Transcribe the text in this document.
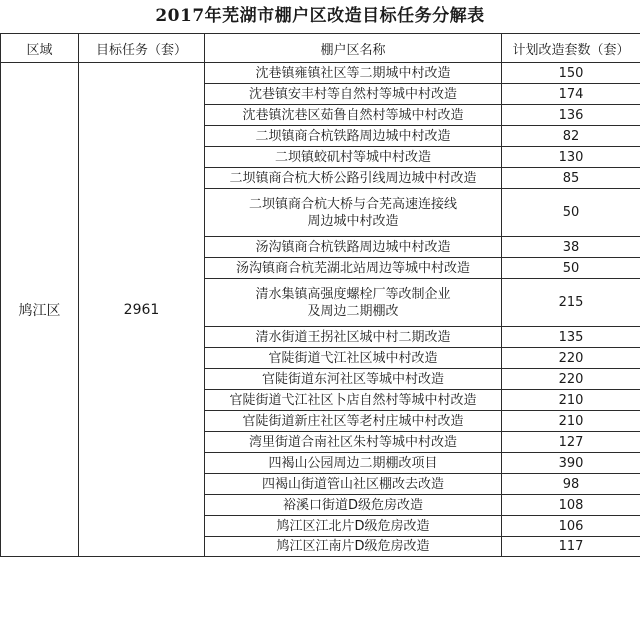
2017年芜湖市棚户区改造目标任务分解表
区域	目标任务（套）	棚户区名称	计划改造套数（套）
鸠江区	2961	沈巷镇雍镇社区等二期城中村改造	150
		沈巷镇安丰村等自然村等城中村改造	174
		沈巷镇沈巷区茹鲁自然村等城中村改造	136
		二坝镇商合杭铁路周边城中村改造	82
		二坝镇蛟矶村等城中村改造	130
		二坝镇商合杭大桥公路引线周边城中村改造	85

		二坝镇商合杭大桥与合芜高速连接线
周边城中村改造	50
		汤沟镇商合杭铁路周边城中村改造	38
		汤沟镇商合杭芜湖北站周边等城中村改造	50

		清水集镇高强度螺栓厂等改制企业
及周边二期棚改	215
		清水街道王拐社区城中村二期改造	135
		官陡街道弋江社区城中村改造	220
		官陡街道东河社区等城中村改造	220
		官陡街道弋江社区卜店自然村等城中村改造	210
		官陡街道新庄社区等老村庄城中村改造	210
		湾里街道合南社区朱村等城中村改造	127
		四褐山公园周边二期棚改项目	390
		四褐山街道管山社区棚改去改造	98
		裕溪口街道D级危房改造	108
		鸠江区江北片D级危房改造	106
		鸠江区江南片D级危房改造	117
